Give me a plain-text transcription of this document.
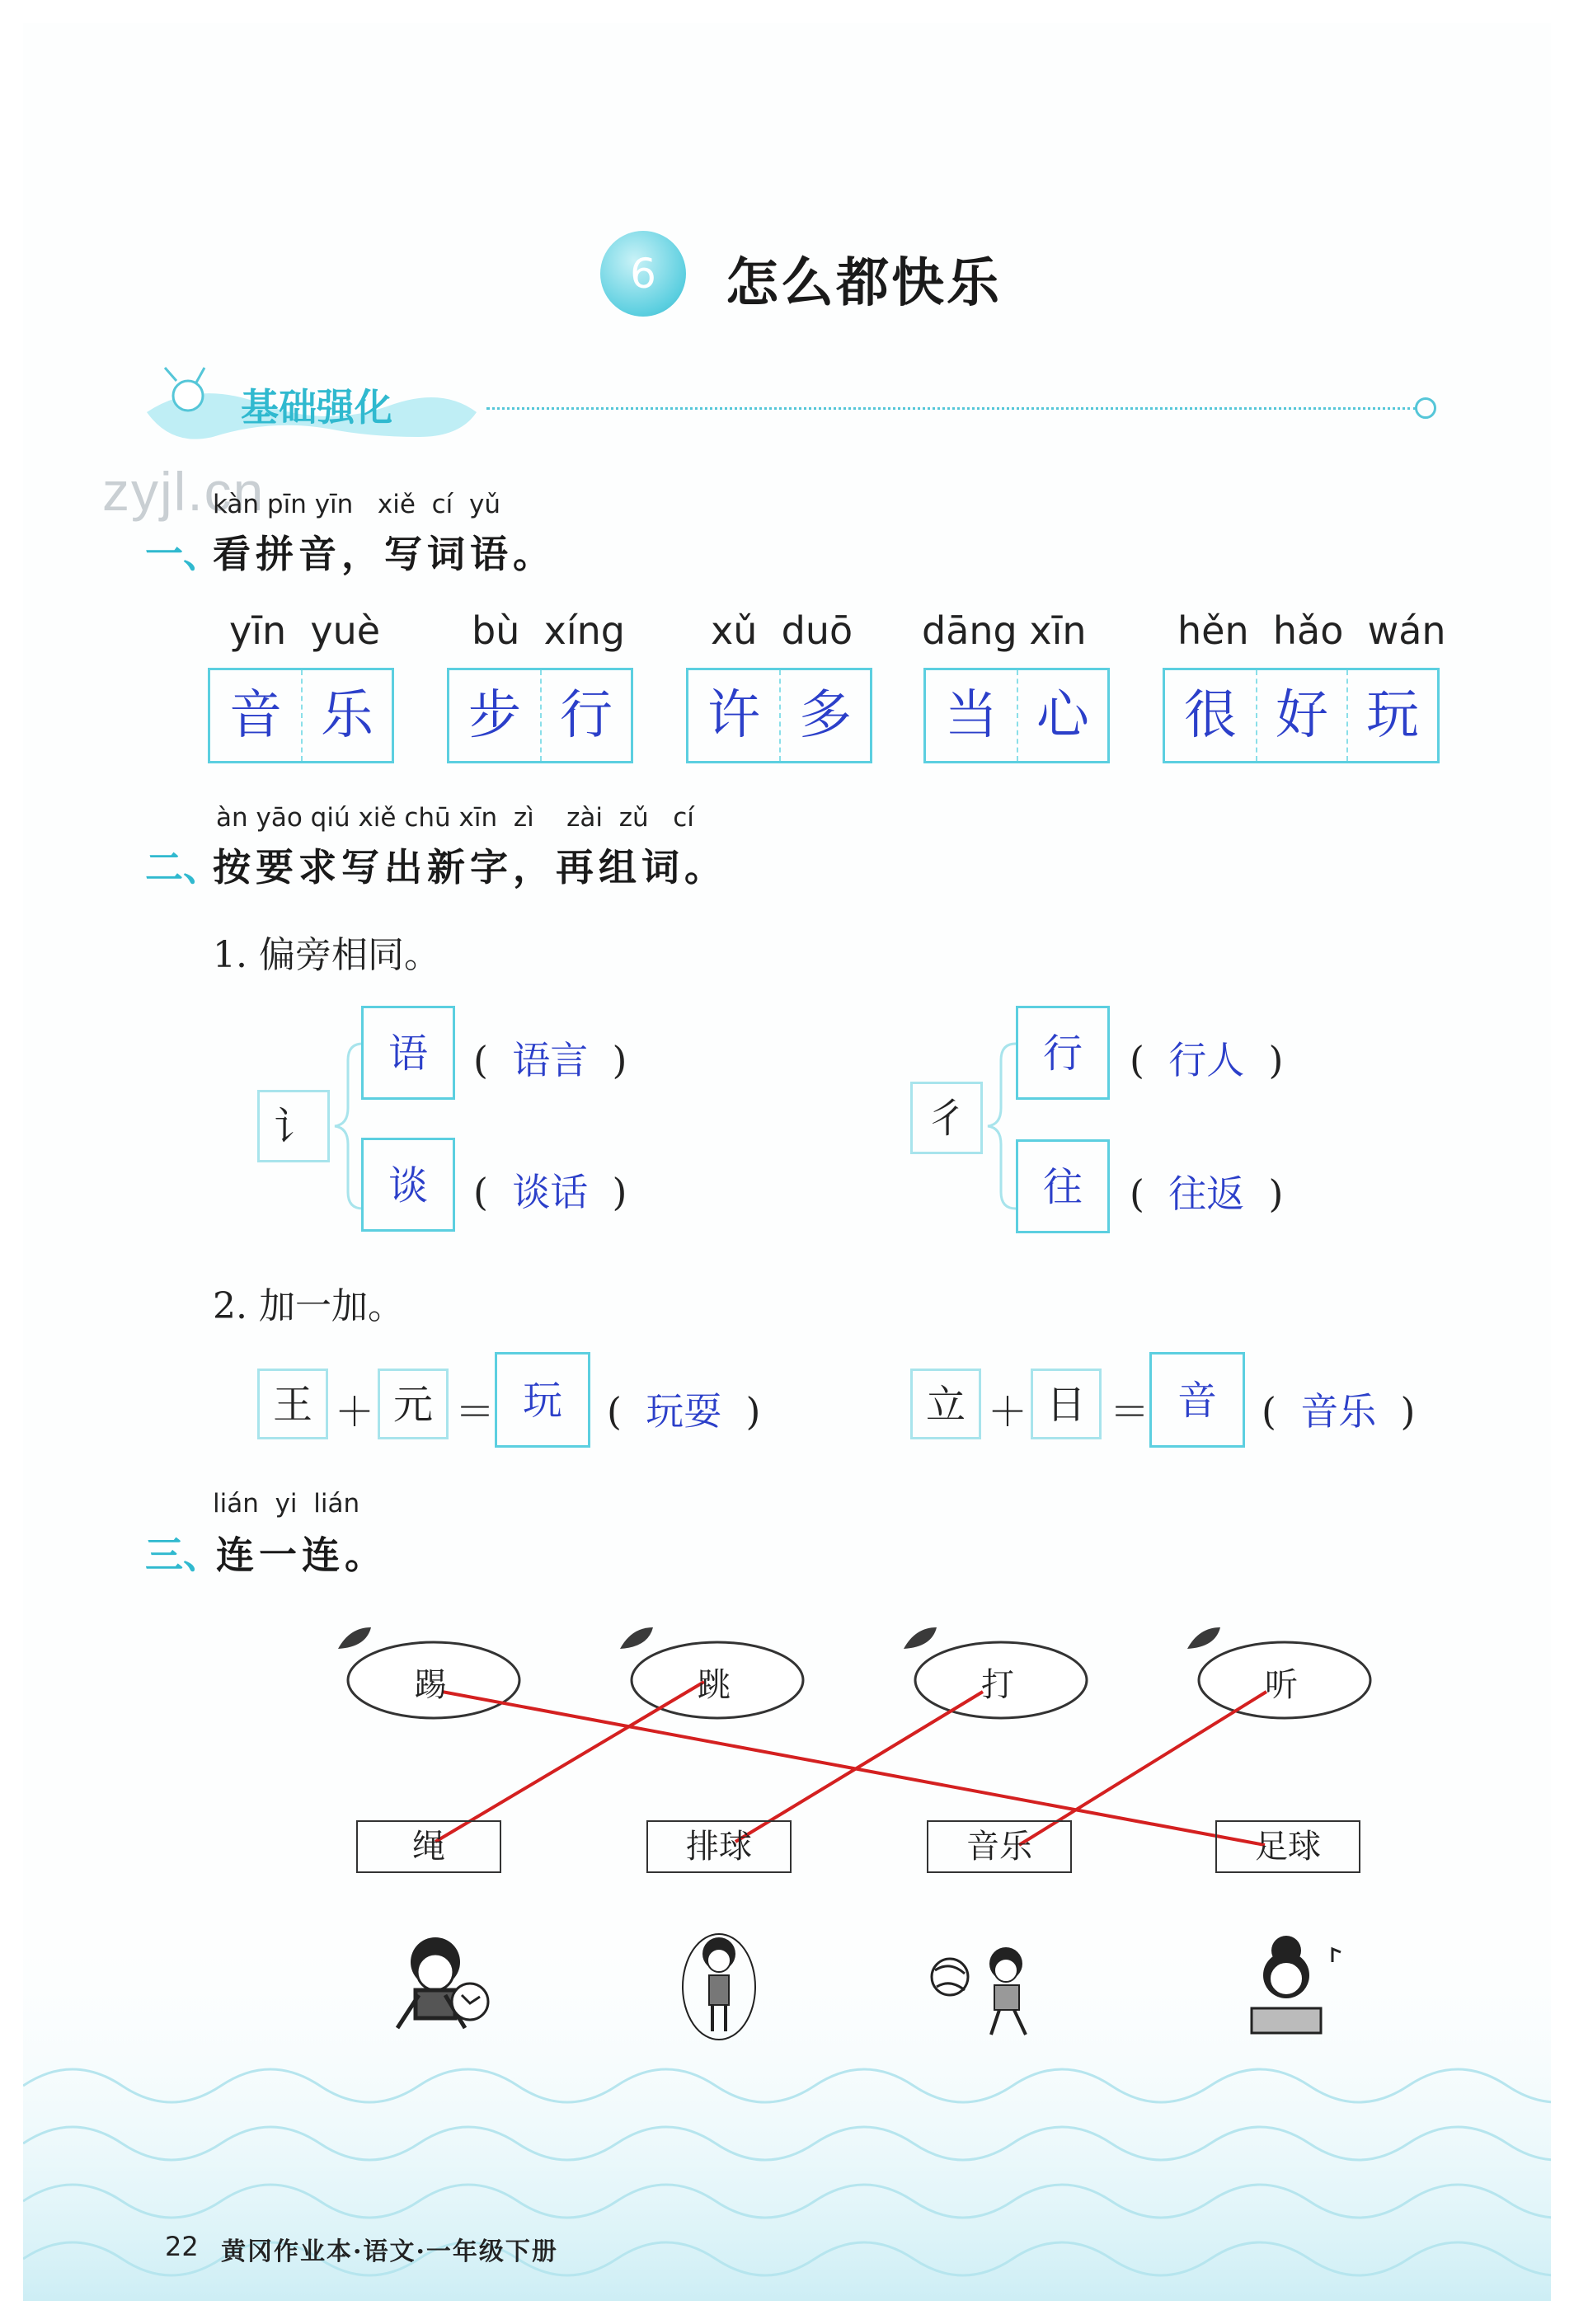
6	怎么都快乐
基础强化
zyjl.cn
kàn pīn yīn   xiě  cí  yǔ
一、
看拼音，写词语。
yīn  yuè bù  xíng xǔ  duō dāng xīn hěn  hǎo  wán
音 乐	步 行	许 多	当 心	很 好 玩
àn yāo qiú xiě chū xīn  zì    zài  zǔ   cí
二、
按要求写出新字，再组词。
1. 偏旁相同。
讠
语	(  语言  )
谈	(  谈话  )
彳
行	(  行人  )
往	(  往返  )
2. 加一加。
王 ＋ 元 ＝ 玩	(  玩耍  )	立 ＋ 日 ＝ 音	(  音乐  )
lián  yi  lián
三、
连一连。
踢	跳	打	听
绳	排球	音乐	足球
22 黄冈作业本·语文·一年级下册
